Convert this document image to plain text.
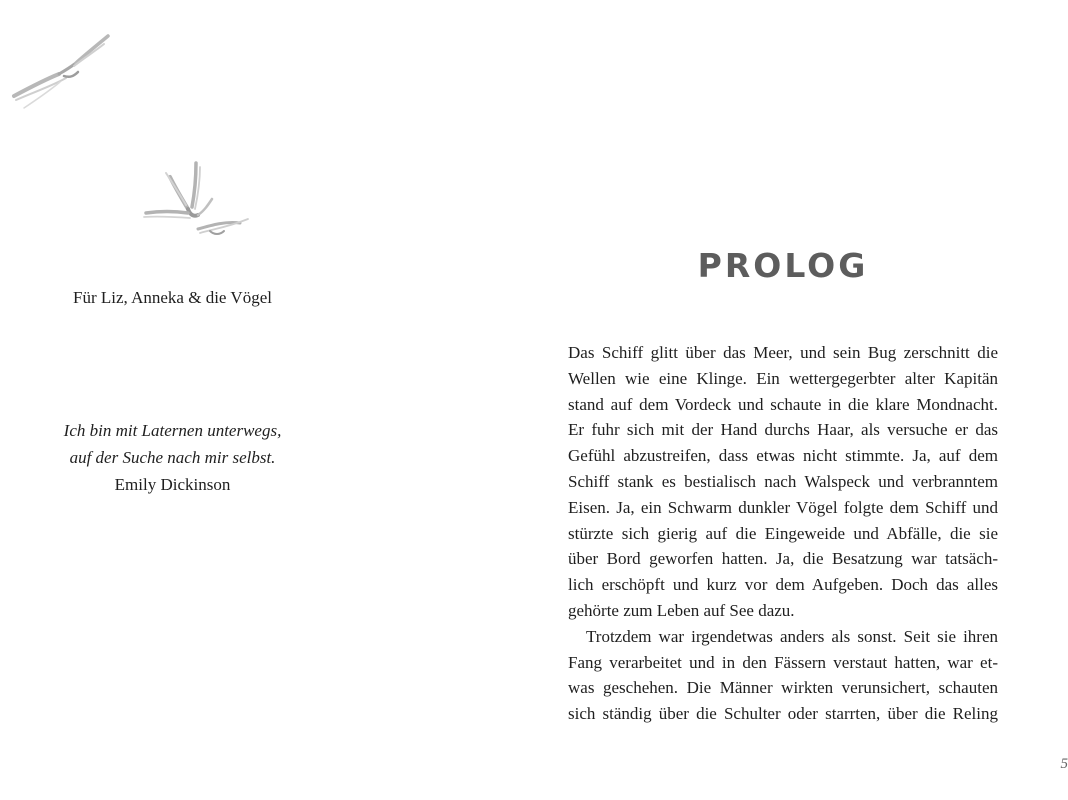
Für Liz, Anneka & die Vögel

Ich bin mit Laternen unterwegs,
auf der Suche nach mir selbst.
Emily Dickinson

PROLOG
Das Schiff glitt über das Meer, und sein Bug zerschnitt die
Wellen wie eine Klinge. Ein wettergegerbter alter Kapitän
stand auf dem Vordeck und schaute in die klare Mondnacht.
Er fuhr sich mit der Hand durchs Haar, als versuche er das
Gefühl abzustreifen, dass etwas nicht stimmte. Ja, auf dem
Schiff stank es bestialisch nach Walspeck und verbranntem
Eisen. Ja, ein Schwarm dunkler Vögel folgte dem Schiff und
stürzte sich gierig auf die Eingeweide und Abfälle, die sie
über Bord geworfen hatten. Ja, die Besatzung war tatsäch-
lich erschöpft und kurz vor dem Aufgeben. Doch das alles
gehörte zum Leben auf See dazu.
Trotzdem war irgendetwas anders als sonst. Seit sie ihren
Fang verarbeitet und in den Fässern verstaut hatten, war et-
was geschehen. Die Männer wirkten verunsichert, schauten
sich ständig über die Schulter oder starrten, über die Reling

5
